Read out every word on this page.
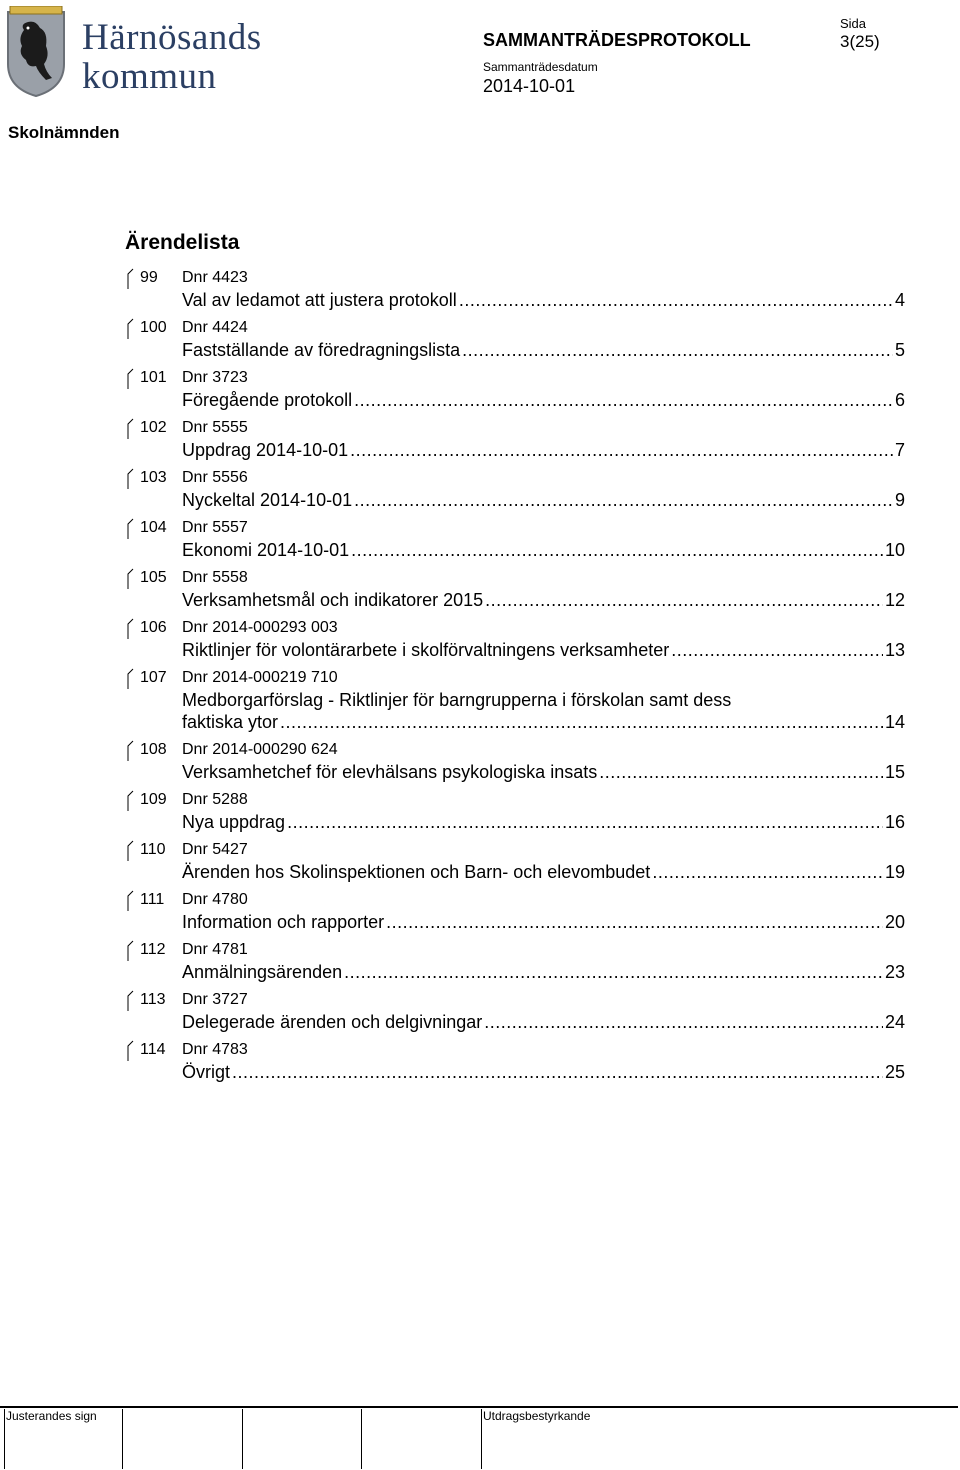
Härnösands
kommun
SAMMANTRÄDESPROTOKOLL
Sida
3(25)
Sammanträdesdatum
2014-10-01
Skolnämnden
Ärendelista
99 Dnr 4423
Val av ledamot att justera protokoll .....	4
100 Dnr 4424
Fastställande av föredragningslista .....	5
101 Dnr 3723
Föregående protokoll .....	6
102 Dnr 5555
Uppdrag 2014-10-01 .....	7
103 Dnr 5556
Nyckeltal 2014-10-01 .....	9
104 Dnr 5557
Ekonomi 2014-10-01 .....	10
105 Dnr 5558
Verksamhetsmål och indikatorer 2015 .....	12
106 Dnr 2014-000293 003
Riktlinjer för volontärarbete i skolförvaltningens verksamheter .....	13
107 Dnr 2014-000219 710
Medborgarförslag - Riktlinjer för barngrupperna i förskolan samt dess
faktiska ytor .....	14
108 Dnr 2014-000290 624
Verksamhetchef för elevhälsans psykologiska insats .....	15
109 Dnr 5288
Nya uppdrag .....	16
110 Dnr 5427
Ärenden hos Skolinspektionen och Barn- och elevombudet .....	19
111 Dnr 4780
Information och rapporter .....	20
112 Dnr 4781
Anmälningsärenden .....	23
113 Dnr 3727
Delegerade ärenden och delgivningar .....	24
114 Dnr 4783
Övrigt .....	25
Justerandes sign	Utdragsbestyrkande
